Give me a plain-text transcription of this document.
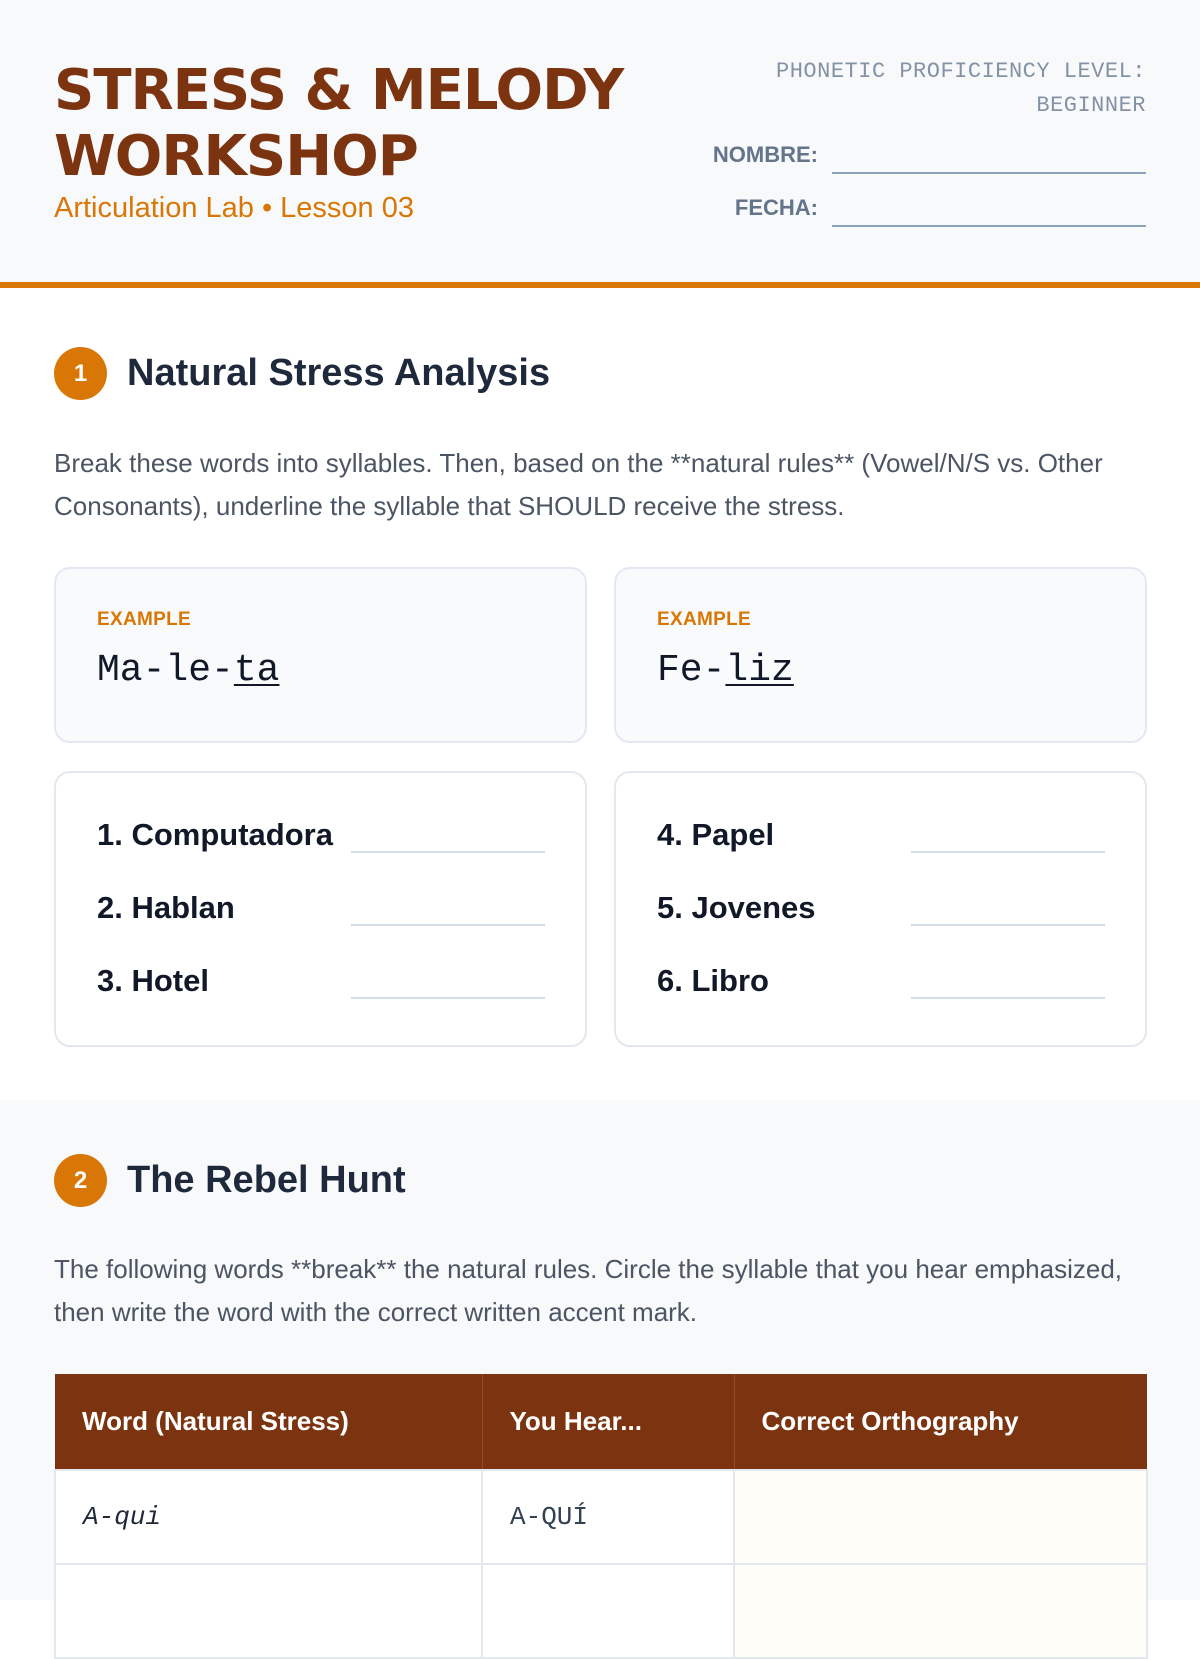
STRESS & MELODY
WORKSHOP
Articulation Lab • Lesson 03
PHONETIC PROFICIENCY LEVEL:
BEGINNER
NOMBRE:
FECHA:
1	Natural Stress Analysis
Break these words into syllables. Then, based on the **natural rules** (Vowel/N/S vs. Other Consonants), underline the syllable that SHOULD receive the stress.
EXAMPLE
Ma-le-ta
EXAMPLE
Fe-liz
1. Computadora
2. Hablan
3. Hotel
4. Papel
5. Jovenes
6. Libro
2	The Rebel Hunt
The following words **break** the natural rules. Circle the syllable that you hear emphasized, then write the word with the correct written accent mark.
Word (Natural Stress)	You Hear...	Correct Orthography
A-qui	A-QUÍ	
